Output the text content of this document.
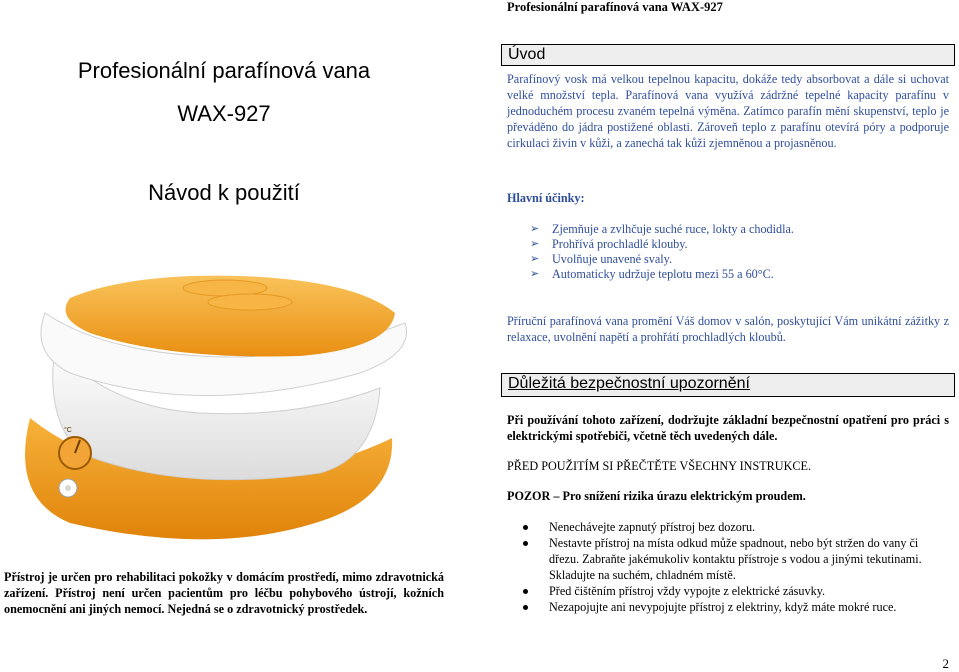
Profesionální parafínová vana WAX-927
Profesionální parafínová vana
WAX-927
Návod k použití
°C
Přístroj je určen pro rehabilitaci pokožky v domácím prostředí, mimo zdravotnická zařízení. Přístroj není určen pacientům pro léčbu pohybového ústrojí, kožních onemocnění ani jiných nemocí. Nejedná se o zdravotnický prostředek.
Úvod
Parafínový vosk má velkou tepelnou kapacitu, dokáže tedy absorbovat a dále si uchovat velké množství tepla. Parafínová vana využívá zádržné tepelné kapacity parafínu v jednoduchém procesu zvaném tepelná výměna. Zatímco parafín mění skupenství, teplo je převáděno do jádra postižené oblasti. Zároveň teplo z parafínu otevírá póry a podporuje cirkulaci živin v kůži, a zanechá tak kůži zjemněnou a projasněnou.
Hlavní účinky:
➢ Zjemňuje a zvlhčuje suché ruce, lokty a chodidla.
➢ Prohřívá prochladlé klouby.
➢ Uvolňuje unavené svaly.
➢ Automaticky udržuje teplotu mezi 55 a 60°C.
Příruční parafínová vana promění Váš domov v salón, poskytující Vám unikátní zážitky z relaxace, uvolnění napětí a prohřátí prochladlých kloubů.
Důležitá bezpečnostní upozornění
Při používání tohoto zařízení, dodržujte základní bezpečnostní opatření pro práci s elektrickými spotřebiči, včetně těch uvedených dále.
PŘED POUŽITÍM SI PŘEČTĚTE VŠECHNY INSTRUKCE.
POZOR – Pro snížení rizika úrazu elektrickým proudem.
Nenechávejte zapnutý přístroj bez dozoru.
Nestavte přístroj na místa odkud může spadnout, nebo být stržen do vany či dřezu. Zabraňte jakémukoliv kontaktu přístroje s vodou a jinými tekutinami. Skladujte na suchém, chladném místě.
Před čištěním přístroj vždy vypojte z elektrické zásuvky.
Nezapojujte ani nevypojujte přístroj z elektriny, když máte mokré ruce.
2
